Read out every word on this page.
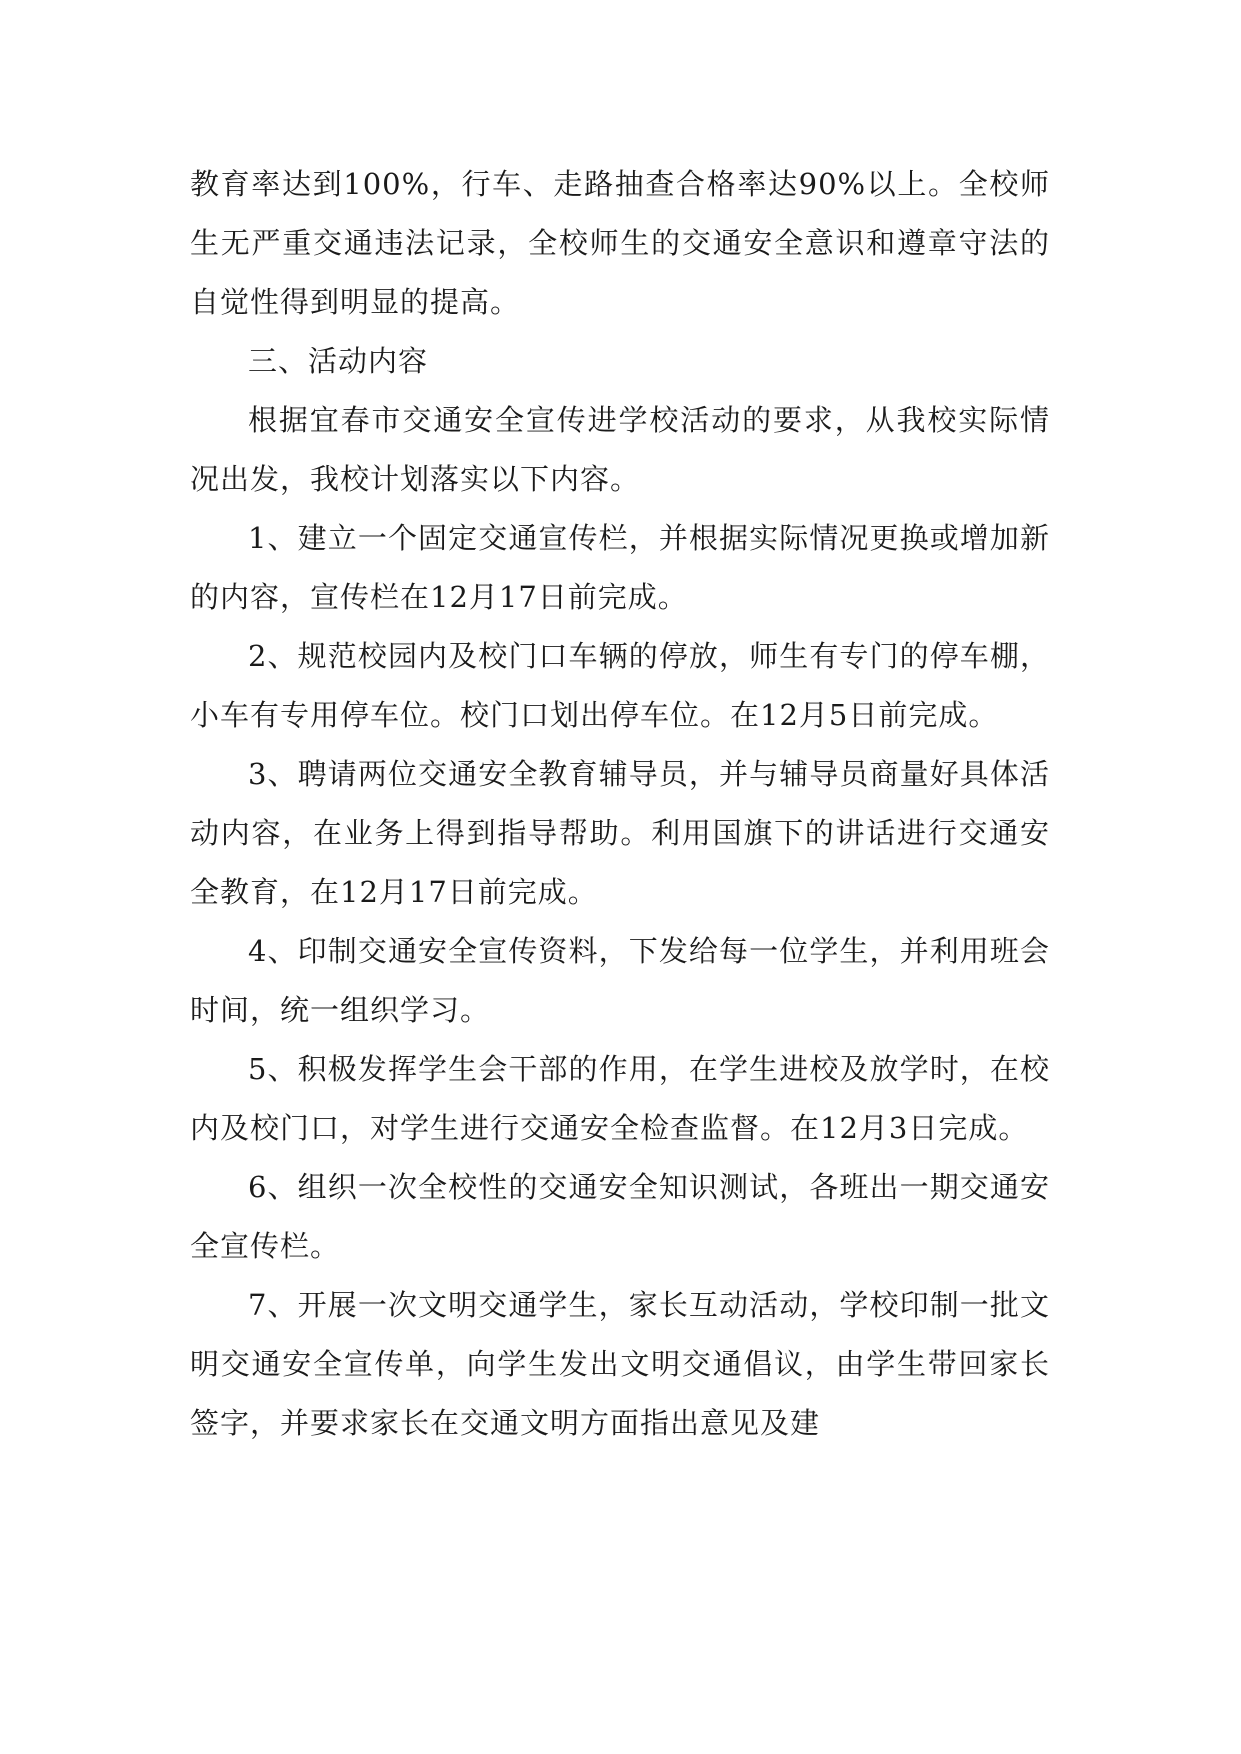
教育率达到100%，行车、走路抽查合格率达90%以上。全校师生无严重交通违法记录，全校师生的交通安全意识和遵章守法的自觉性得到明显的提高。

三、活动内容

根据宜春市交通安全宣传进学校活动的要求，从我校实际情况出发，我校计划落实以下内容。

1、建立一个固定交通宣传栏，并根据实际情况更换或增加新的内容，宣传栏在12月17日前完成。

2、规范校园内及校门口车辆的停放，师生有专门的停车棚，小车有专用停车位。校门口划出停车位。在12月5日前完成。

3、聘请两位交通安全教育辅导员，并与辅导员商量好具体活动内容，在业务上得到指导帮助。利用国旗下的讲话进行交通安全教育，在12月17日前完成。

4、印制交通安全宣传资料，下发给每一位学生，并利用班会时间，统一组织学习。

5、积极发挥学生会干部的作用，在学生进校及放学时，在校内及校门口，对学生进行交通安全检查监督。在12月3日完成。

6、组织一次全校性的交通安全知识测试，各班出一期交通安全宣传栏。

7、开展一次文明交通学生，家长互动活动，学校印制一批文明交通安全宣传单，向学生发出文明交通倡议，由学生带回家长签字，并要求家长在交通文明方面指出意见及建
